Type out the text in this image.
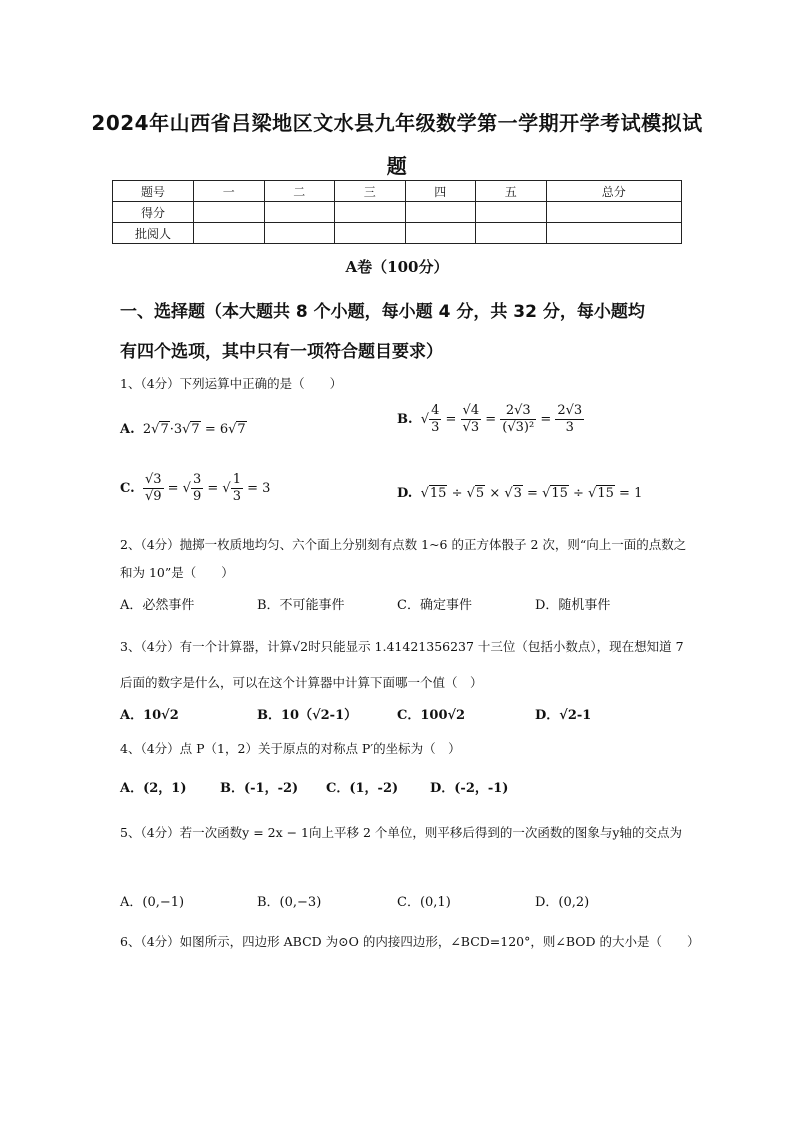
2024年山西省吕梁地区文水县九年级数学第一学期开学考试模拟试
题
题号	一	二	三	四	五	总分
得分						
批阅人						
A卷（100分）
一、选择题（本大题共 8 个小题，每小题 4 分，共 32 分，每小题均
有四个选项，其中只有一项符合题目要求）
1、（4分）下列运算中正确的是（　　）
A.  2√7·3√7 = 6√7
B.  √ $\frac{4}{3} = \frac{√4}{√3} = \frac{2√3}{\text{(√3)²}} = \frac{2√3}{3}$
C. $\frac{√3}{√9}$ = √ $\frac{3}{9}$ = √ $\frac{1}{3} = 3$	D.  √15 ÷ √5 × √3 = √15 ÷ √15 = 1
2、（4分）抛掷一枚质地均匀、六个面上分别刻有点数 1~6 的正方体骰子 2 次，则“向上一面的点数之和为 10”是（　　）
A．必然事件	B．不可能事件	C．确定事件	D．随机事件
3、（4分）有一个计算器，计算√2时只能显示 1.41421356237 十三位（包括小数点），现在想知道 7 后面的数字是什么，可以在这个计算器中计算下面哪一个值（　）
A．10√2	B．10（√2-1）	C．100√2	D．√2-1
4、（4分）点 P（1，2）关于原点的对称点 P′的坐标为（　）
A．(2，1)	B．(-1，-2) C．(1，-2) D．(-2，-1)
5、（4分）若一次函数y = 2x − 1向上平移 2 个单位，则平移后得到的一次函数的图象与y轴的交点为
A．(0,−1)	B．(0,−3)	C．(0,1)	D．(0,2)
6、（4分）如图所示，四边形 ABCD 为⊙O 的内接四边形，∠BCD=120°，则∠BOD 的大小是（　　）
